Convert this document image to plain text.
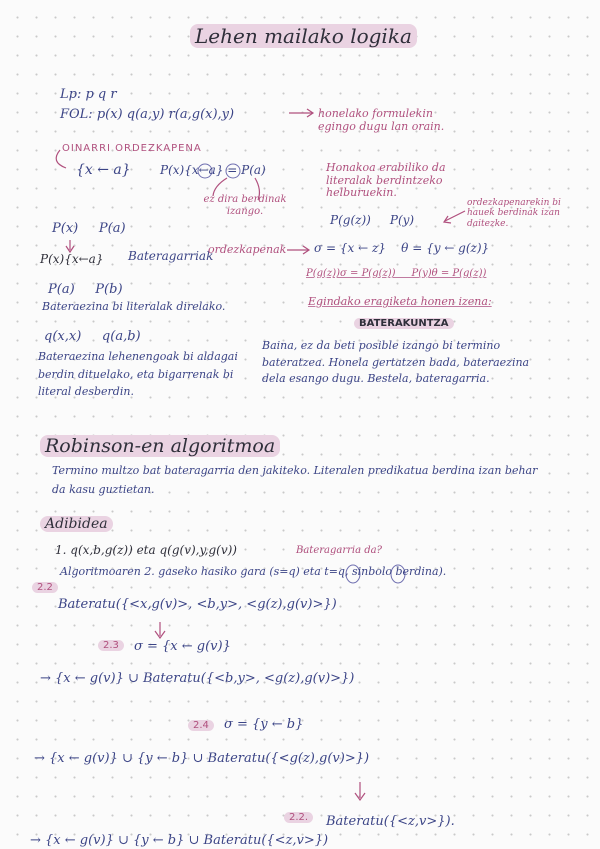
Lehen mailako logika
Lp: p q r
FOL: p(x) q(a,y) r(a,g(x),y)	honelako formulekin egingo dugu lan orain.
OINARRI ORDEZKAPENA
{x ← a} P(x){x←a} = P(a)
ez dira berdinak izango.
Honakoa erabiliko da literalak berdintzeko helburuekin.
P(g(z))     P(y)
ordezkapenarekin bi hauek berdinak izan daitezke.
P(x)     P(a)
P(x){x←a} Bateragarriak
ordezkapenak σ = {x ← z}    θ = {y ← g(z)}
P(g(z))σ = P(g(z))     P(y)θ = P(g(z))
P(a)     P(b)
Bateraezina bi literalak direlako.	Egindako eragiketa honen izena:
BATERAKUNTZA
Baina, ez da beti posible izango bi termino bateratzea. Honela gertatzen bada, bateraezina dela esango dugu. Bestela, bateragarria.
q(x,x)     q(a,b)
Bateraezina lehenengoak bi aldagai berdin dituelako, eta bigarrenak bi literal desberdin.
Robinson-en algoritmoa
Termino multzo bat bateragarria den jakiteko. Literalen predikatua berdina izan behar da kasu guztietan.
Adibidea
1. q(x,b,g(z)) eta q(g(v),y,g(v))	Bateragarria da?
Algoritmoaren 2. gaseko hasiko gara (s=q) eta t=q, sinbolo berdina).
2.2
Bateratu({<x,g(v)>, <b,y>, <g(z),g(v)>})
2.3	σ = {x ← g(v)}
→ {x ← g(v)} ∪ Bateratu({<b,y>, <g(z),g(v)>})
2.4	σ = {y ← b}
→ {x ← g(v)} ∪ {y ← b} ∪ Bateratu({<g(z),g(v)>})
2.2.	Bateratu({<z,v>}).
→ {x ← g(v)} ∪ {y ← b} ∪ Bateratu({<z,v>})
